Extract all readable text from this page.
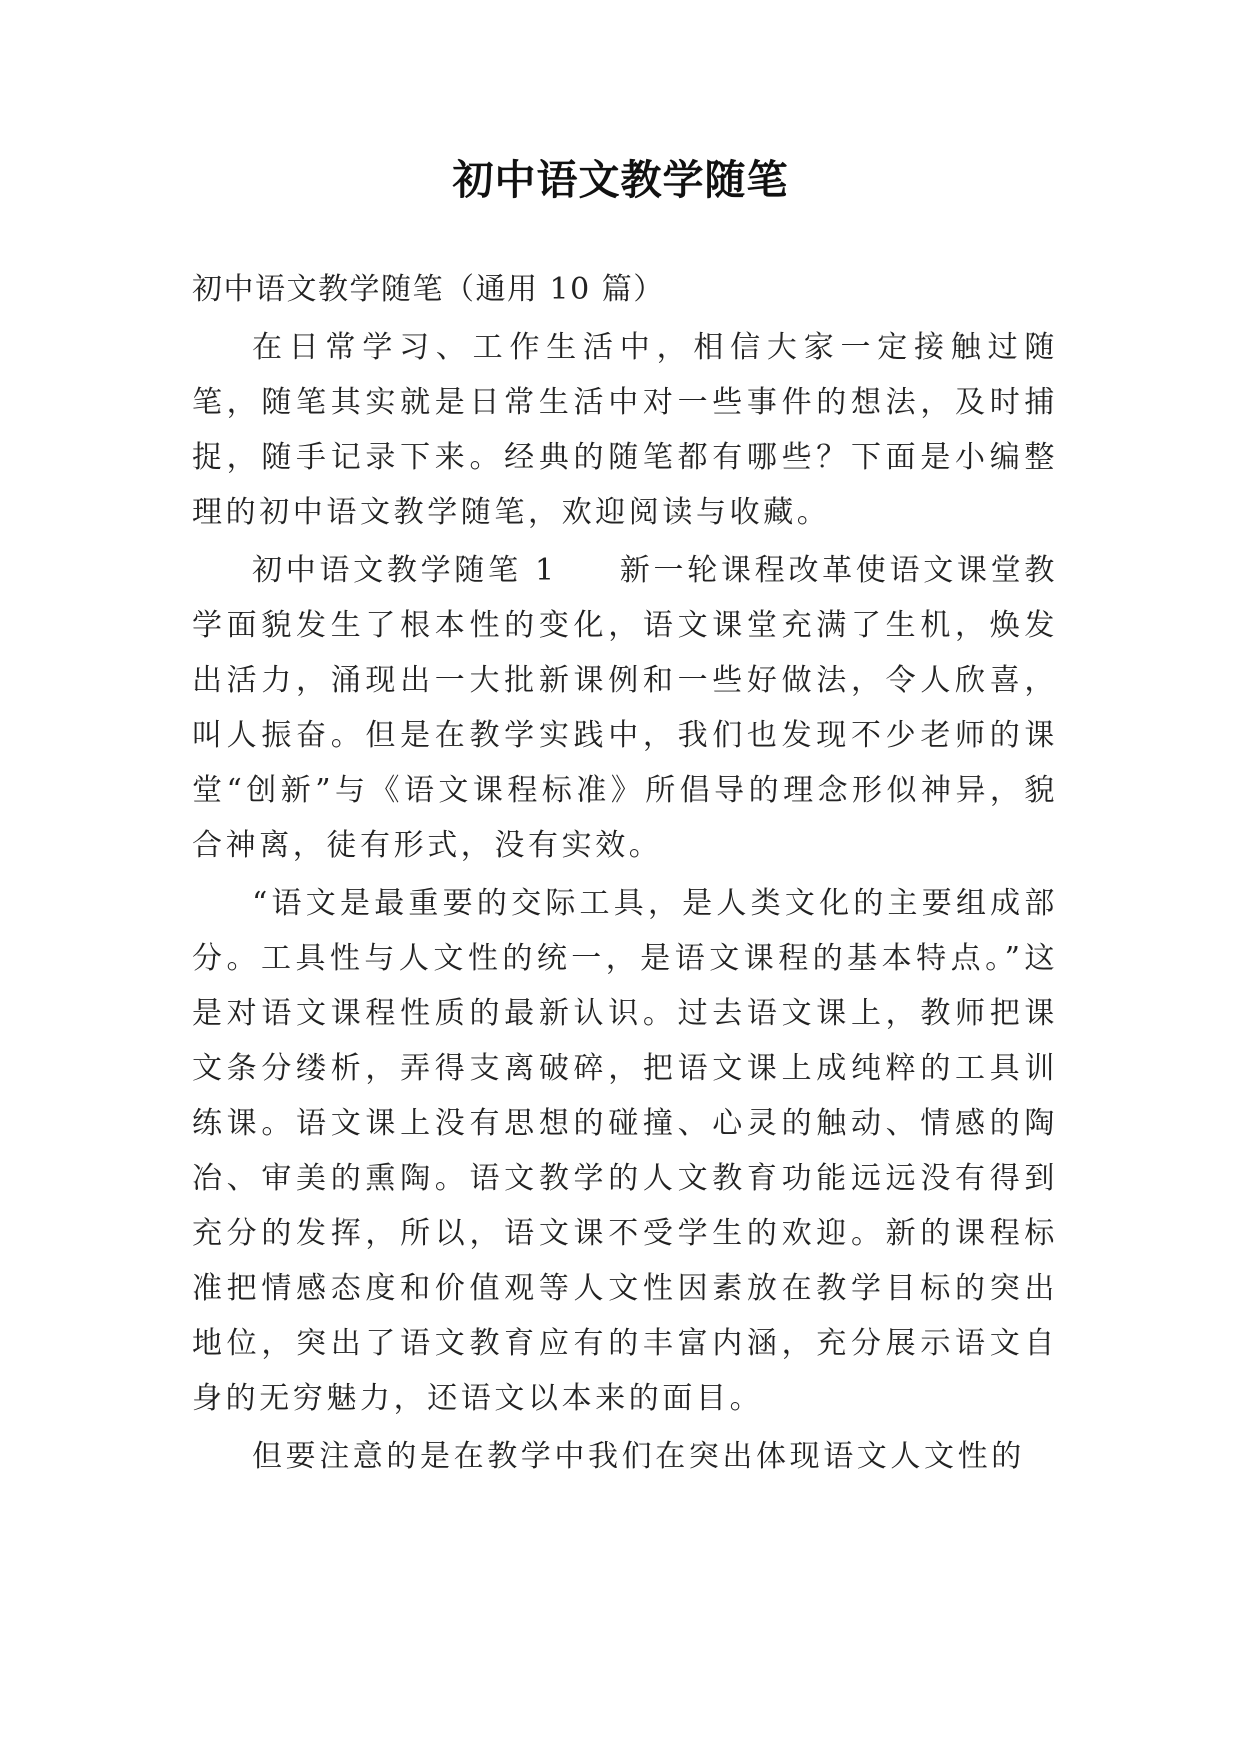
初中语文教学随笔

初中语文教学随笔（通用 10 篇）

在日常学习、工作生活中，相信大家一定接触过随笔，随笔其实就是日常生活中对一些事件的想法，及时捕捉，随手记录下来。经典的随笔都有哪些？下面是小编整理的初中语文教学随笔，欢迎阅读与收藏。

初中语文教学随笔 1 新一轮课程改革使语文课堂教学面貌发生了根本性的变化，语文课堂充满了生机，焕发出活力，涌现出一大批新课例和一些好做法，令人欣喜，叫人振奋。但是在教学实践中，我们也发现不少老师的课堂“创新”与《语文课程标准》所倡导的理念形似神异，貌合神离，徒有形式，没有实效。

“语文是最重要的交际工具，是人类文化的主要组成部分。工具性与人文性的统一，是语文课程的基本特点。”这是对语文课程性质的最新认识。过去语文课上，教师把课文条分缕析，弄得支离破碎，把语文课上成纯粹的工具训练课。语文课上没有思想的碰撞、心灵的触动、情感的陶冶、审美的熏陶。语文教学的人文教育功能远远没有得到充分的发挥，所以，语文课不受学生的欢迎。新的课程标准把情感态度和价值观等人文性因素放在教学目标的突出地位，突出了语文教育应有的丰富内涵，充分展示语文自身的无穷魅力，还语文以本来的面目。

但要注意的是在教学中我们在突出体现语文人文性的
